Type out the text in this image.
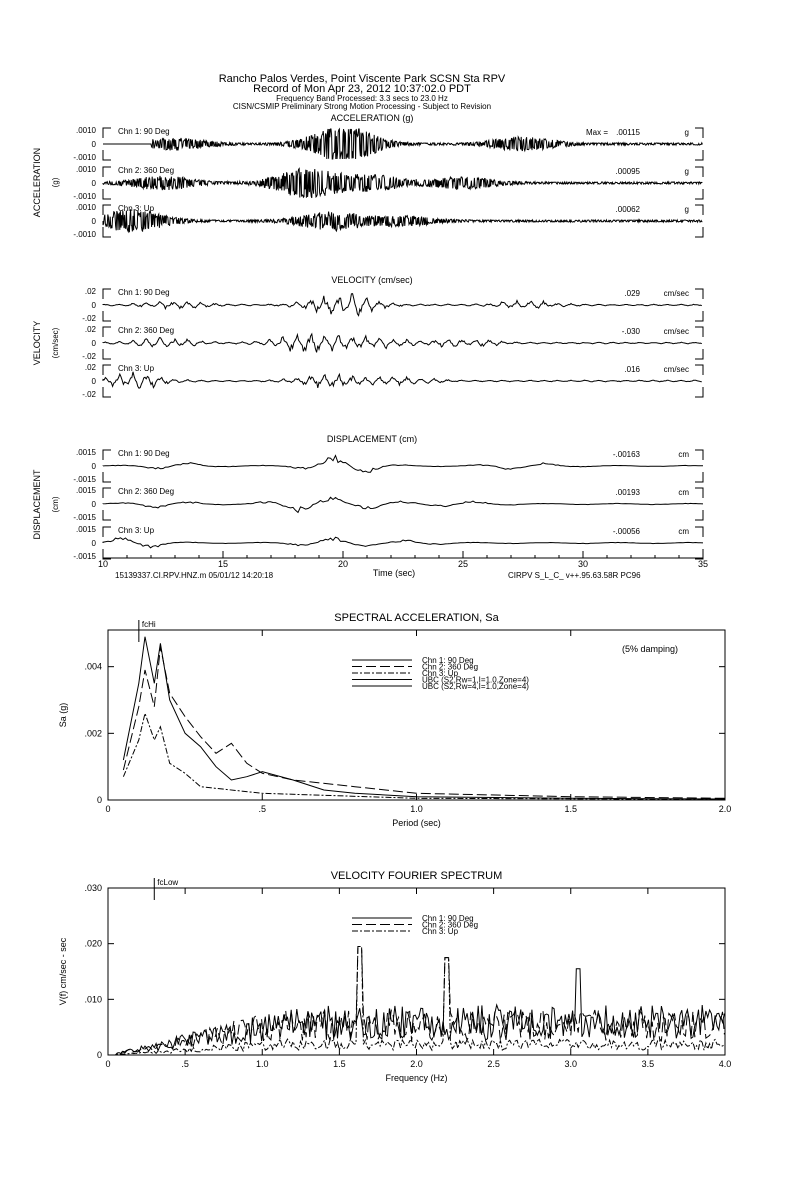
Rancho Palos Verdes, Point Viscente Park SCSN Sta RPV
Record of Mon Apr 23, 2012 10:37:02.0 PDT
Frequency Band Processed: 3.3 secs to 23.0 Hz
CISN/CSMIP Preliminary Strong Motion Processing - Subject to Revision
ACCELERATION (g)
ACCELERATION (g)
Chn 1: 90 Deg	.00115	g
Max =
.0010
0
-.0010
Chn 2: 360 Deg	.00095	g
.0010
0
-.0010
Chn 3: Up	.00062	g
.0010
0
-.0010
VELOCITY (cm/sec)
VELOCITY (cm/sec)
Chn 1: 90 Deg	.029	cm/sec
.02
0
-.02
Chn 2: 360 Deg	-.030	cm/sec
.02
0
-.02
Chn 3: Up	.016	cm/sec
.02
0
-.02
DISPLACEMENT (cm)
DISPLACEMENT (cm)
Chn 1: 90 Deg	-.00163	cm
.0015
0
-.0015
Chn 2: 360 Deg	.00193	cm
.0015
0
-.0015
Chn 3: Up	-.00056	cm
.0015
0
-.0015
10	15	20	25	30	35
Time (sec)
SPECTRAL ACCELERATION, Sa
0	.5	1.0	1.5	2.0
0
.002
.004
Period (sec)
Sa (g)
fcHi
Chn 1: 90 Deg
Chn 2: 360 Deg
Chn 3: Up
UBC (S2,Rw=1,I=1.0,Zone=4)
UBC (S2,Rw=4,I=1.0,Zone=4)
(5% damping)
VELOCITY FOURIER SPECTRUM
0	.5	1.0	1.5	2.0	2.5	3.0	3.5	4.0
0
.010
.020
.030
Frequency (Hz)
V(f) cm/sec - sec
fcLow
Chn 1: 90 Deg
Chn 2: 360 Deg
Chn 3: Up
15139337.CI.RPV.HNZ.m 05/01/12 14:20:18	CIRPV S_L_C_ v++.95.63.58R PC96
